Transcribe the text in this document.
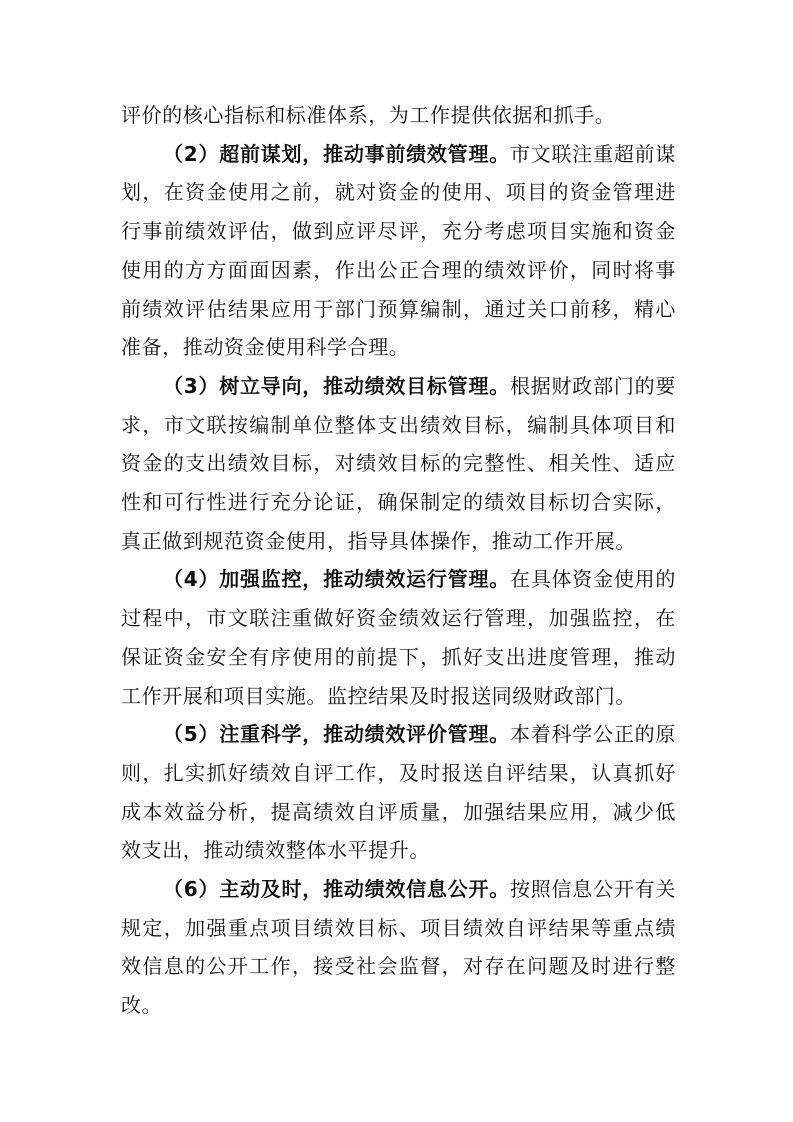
评价的核心指标和标准体系，为工作提供依据和抓手。

（2）超前谋划，推动事前绩效管理。市文联注重超前谋划，在资金使用之前，就对资金的使用、项目的资金管理进行事前绩效评估，做到应评尽评，充分考虑项目实施和资金使用的方方面面因素，作出公正合理的绩效评价，同时将事前绩效评估结果应用于部门预算编制，通过关口前移，精心准备，推动资金使用科学合理。

（3）树立导向，推动绩效目标管理。根据财政部门的要求，市文联按编制单位整体支出绩效目标，编制具体项目和资金的支出绩效目标，对绩效目标的完整性、相关性、适应性和可行性进行充分论证，确保制定的绩效目标切合实际，真正做到规范资金使用，指导具体操作，推动工作开展。

（4）加强监控，推动绩效运行管理。在具体资金使用的过程中，市文联注重做好资金绩效运行管理，加强监控，在保证资金安全有序使用的前提下，抓好支出进度管理，推动工作开展和项目实施。监控结果及时报送同级财政部门。

（5）注重科学，推动绩效评价管理。本着科学公正的原则，扎实抓好绩效自评工作，及时报送自评结果，认真抓好成本效益分析，提高绩效自评质量，加强结果应用，减少低效支出，推动绩效整体水平提升。

（6）主动及时，推动绩效信息公开。按照信息公开有关规定，加强重点项目绩效目标、项目绩效自评结果等重点绩效信息的公开工作，接受社会监督，对存在问题及时进行整改。
